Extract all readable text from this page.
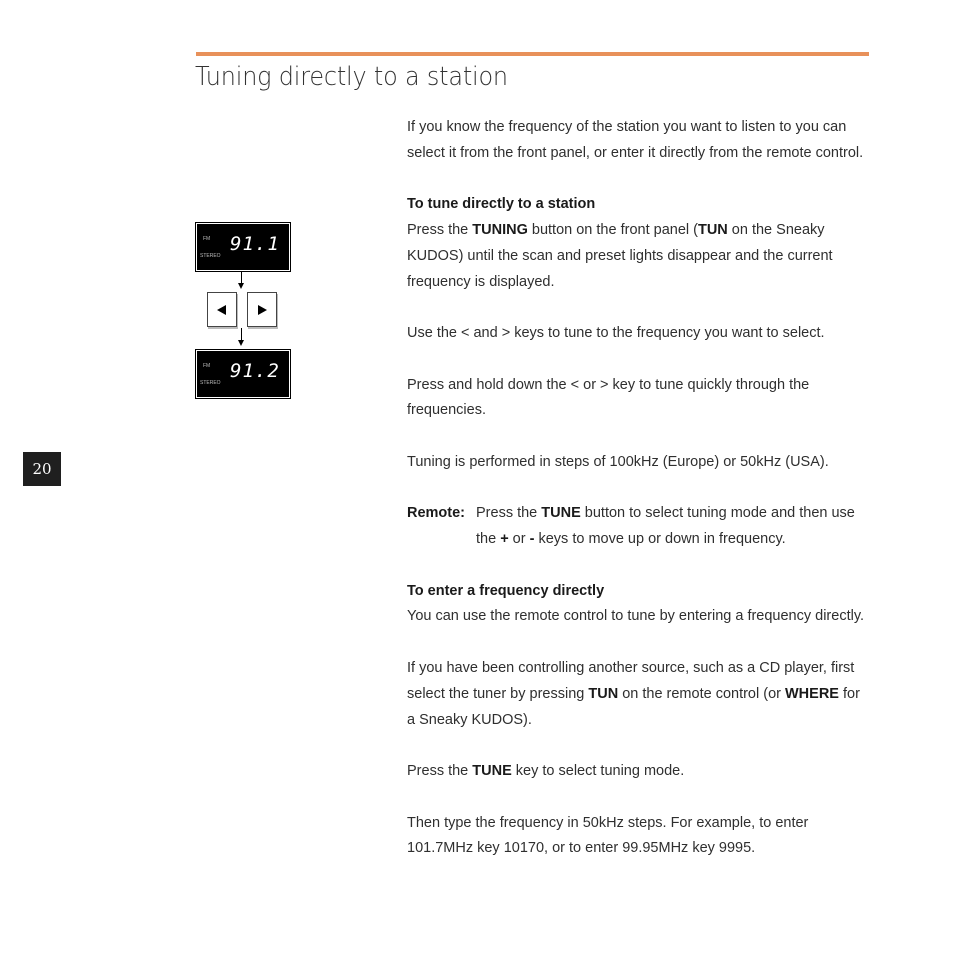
Tuning directly to a station
FM
STEREO
91.1
FM
STEREO
91.2
20

If you know the frequency of the station you want to listen to you can select it from the front panel, or enter it directly from the remote control.

To tune directly to a station
Press the TUNING button on the front panel (TUN on the Sneaky KUDOS) until the scan and preset lights disappear and the current frequency is displayed.

Use the < and > keys to tune to the frequency you want to select.

Press and hold down the < or > key to tune quickly through the frequencies.

Tuning is performed in steps of 100kHz (Europe) or 50kHz (USA).

Remote: Press the TUNE button to select tuning mode and then use the + or - keys to move up or down in frequency.

To enter a frequency directly
You can use the remote control to tune by entering a frequency directly.

If you have been controlling another source, such as a CD player, first select the tuner by pressing TUN on the remote control (or WHERE for a Sneaky KUDOS).

Press the TUNE key to select tuning mode.

Then type the frequency in 50kHz steps. For example, to enter 101.7MHz key 10170, or to enter 99.95MHz key 9995.
